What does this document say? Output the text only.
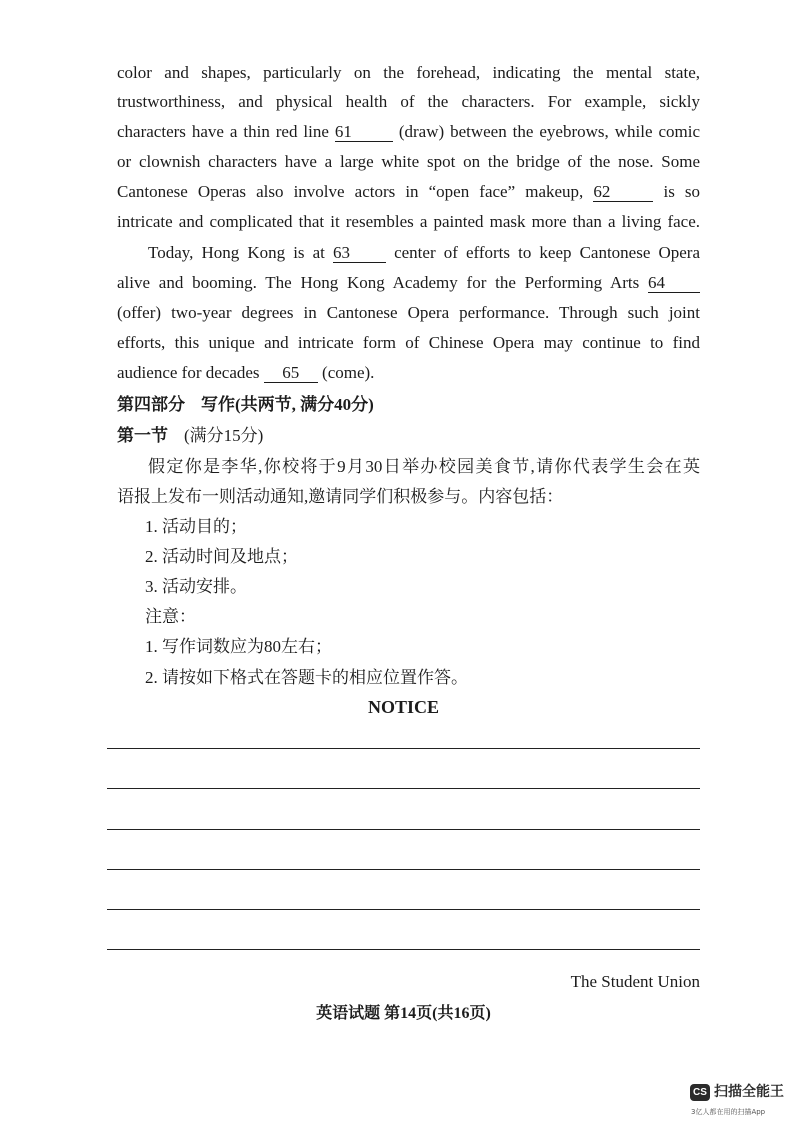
color and shapes, particularly on the forehead, indicating the mental state,
trustworthiness, and physical health of the characters. For example, sickly
characters have a thin red line 61	(draw) between the eyebrows, while comic
or clownish characters have a large white spot on the bridge of the nose. Some
Cantonese Operas also involve actors in “open face” makeup, 62	is so
intricate and complicated that it resembles a painted mask more than a living face.
Today, Hong Kong is at 63	center of efforts to keep Cantonese Opera
alive and booming. The Hong Kong Academy for the Performing Arts 64
(offer) two-year degrees in Cantonese Opera performance. Through such joint
efforts, this unique and intricate form of Chinese Opera may continue to find
audience for decades 65 (come).
第四部分 写作(共两节, 满分40分)
第一节 (满分15分)
假定你是李华,你校将于9月30日举办校园美食节,请你代表学生会在英
语报上发布一则活动通知,邀请同学们积极参与。内容包括：
1. 活动目的；
2. 活动时间及地点；
3. 活动安排。
注意：
1. 写作词数应为80左右；
2. 请按如下格式在答题卡的相应位置作答。
NOTICE
The Student Union
英语试题 第14页(共16页)
CS 扫描全能王
3亿人都在用的扫描App
